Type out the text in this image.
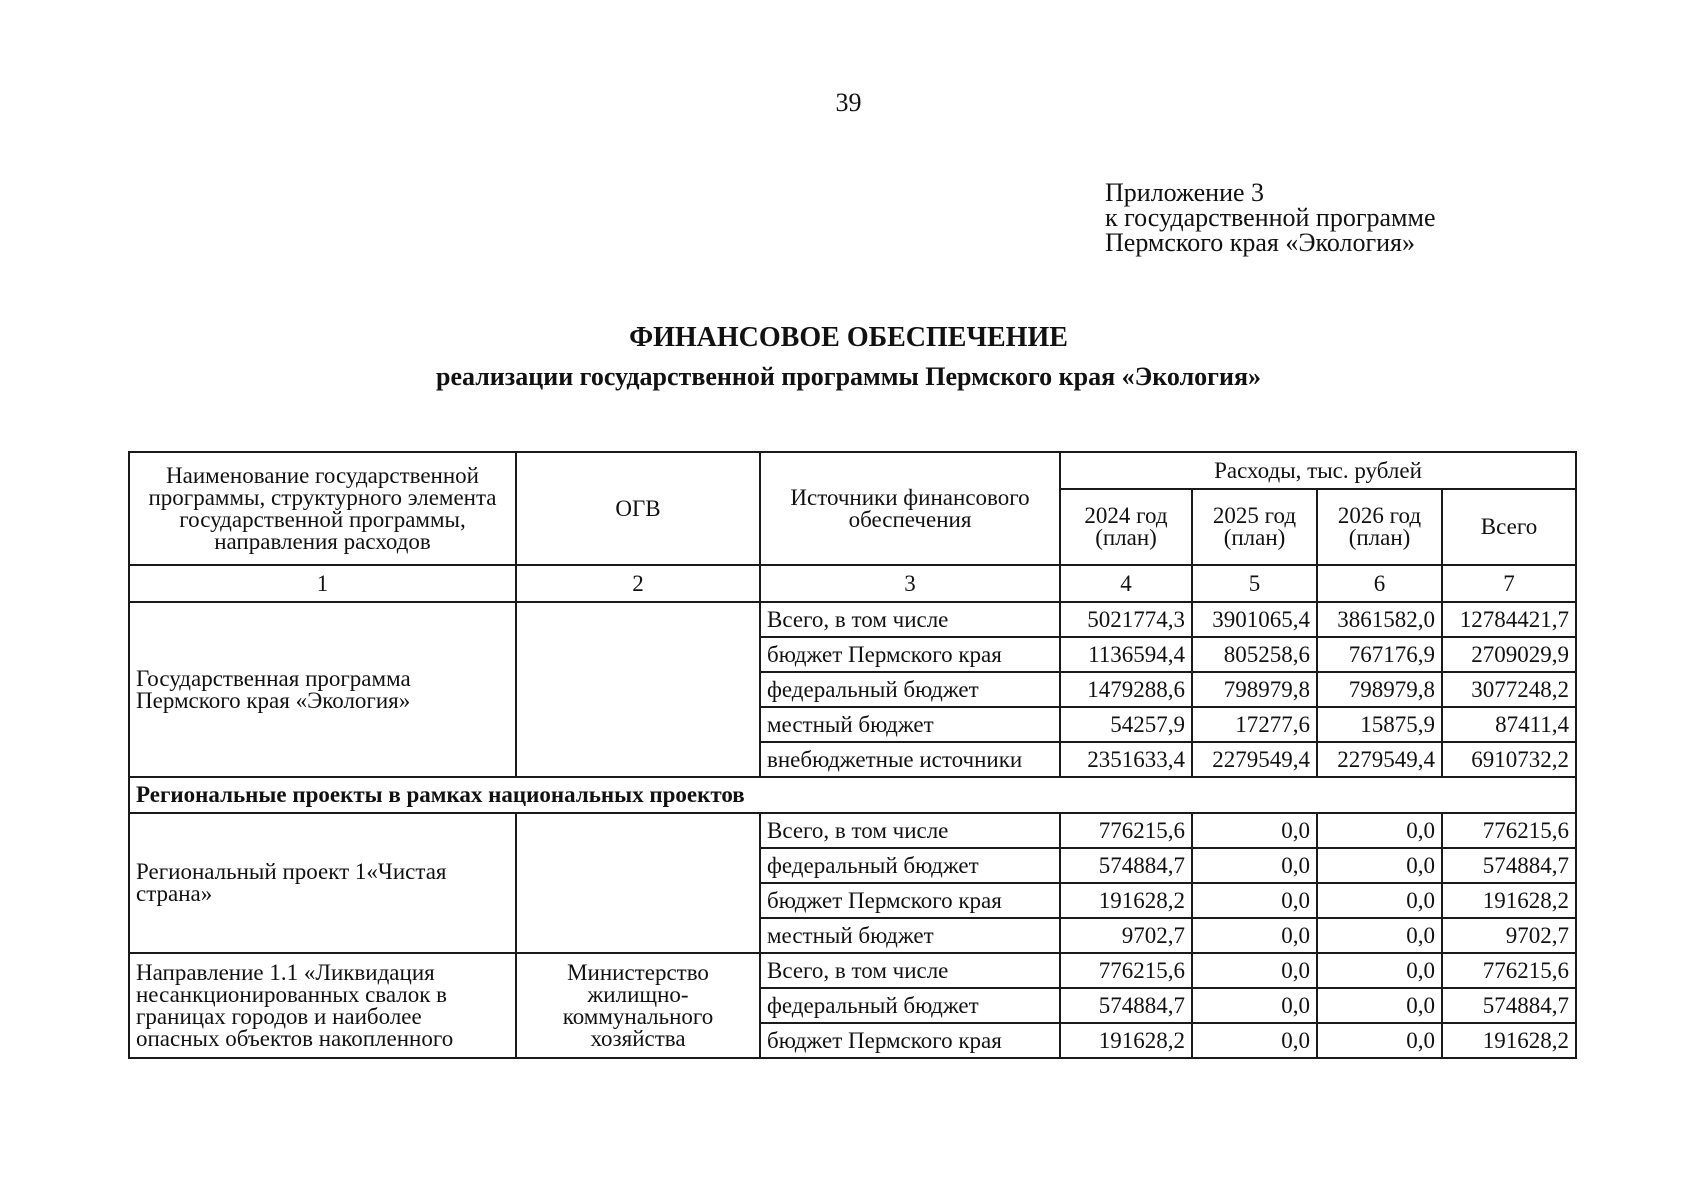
39
Приложение 3
к государственной программе
Пермского края «Экология»
ФИНАНСОВОЕ ОБЕСПЕЧЕНИЕ
реализации государственной программы Пермского края «Экология»
Наименование государственной программы, структурного элемента государственной программы, направления расходов	ОГВ	Источники финансового обеспечения	Расходы, тыс. рублей			
			2024 год (план)	2025 год (план)	2026 год (план)	Всего
1	2	3	4	5	6	7
Государственная программа Пермского края «Экология»		Всего, в том числе	5021774,3	3901065,4	3861582,0	12784421,7
		бюджет Пермского края	1136594,4	805258,6	767176,9	2709029,9
		федеральный бюджет	1479288,6	798979,8	798979,8	3077248,2
		местный бюджет	54257,9	17277,6	15875,9	87411,4
		внебюджетные источники	2351633,4	2279549,4	2279549,4	6910732,2
Региональные проекты в рамках национальных проектов						
Региональный проект 1«Чистая страна»		Всего, в том числе	776215,6	0,0	0,0	776215,6
		федеральный бюджет	574884,7	0,0	0,0	574884,7
		бюджет Пермского края	191628,2	0,0	0,0	191628,2
		местный бюджет	9702,7	0,0	0,0	9702,7
Направление 1.1 «Ликвидация несанкционированных свалок в границах городов и наиболее опасных объектов накопленного	Министерство жилищно-коммунального хозяйства	Всего, в том числе	776215,6	0,0	0,0	776215,6
		федеральный бюджет	574884,7	0,0	0,0	574884,7
		бюджет Пермского края	191628,2	0,0	0,0	191628,2
